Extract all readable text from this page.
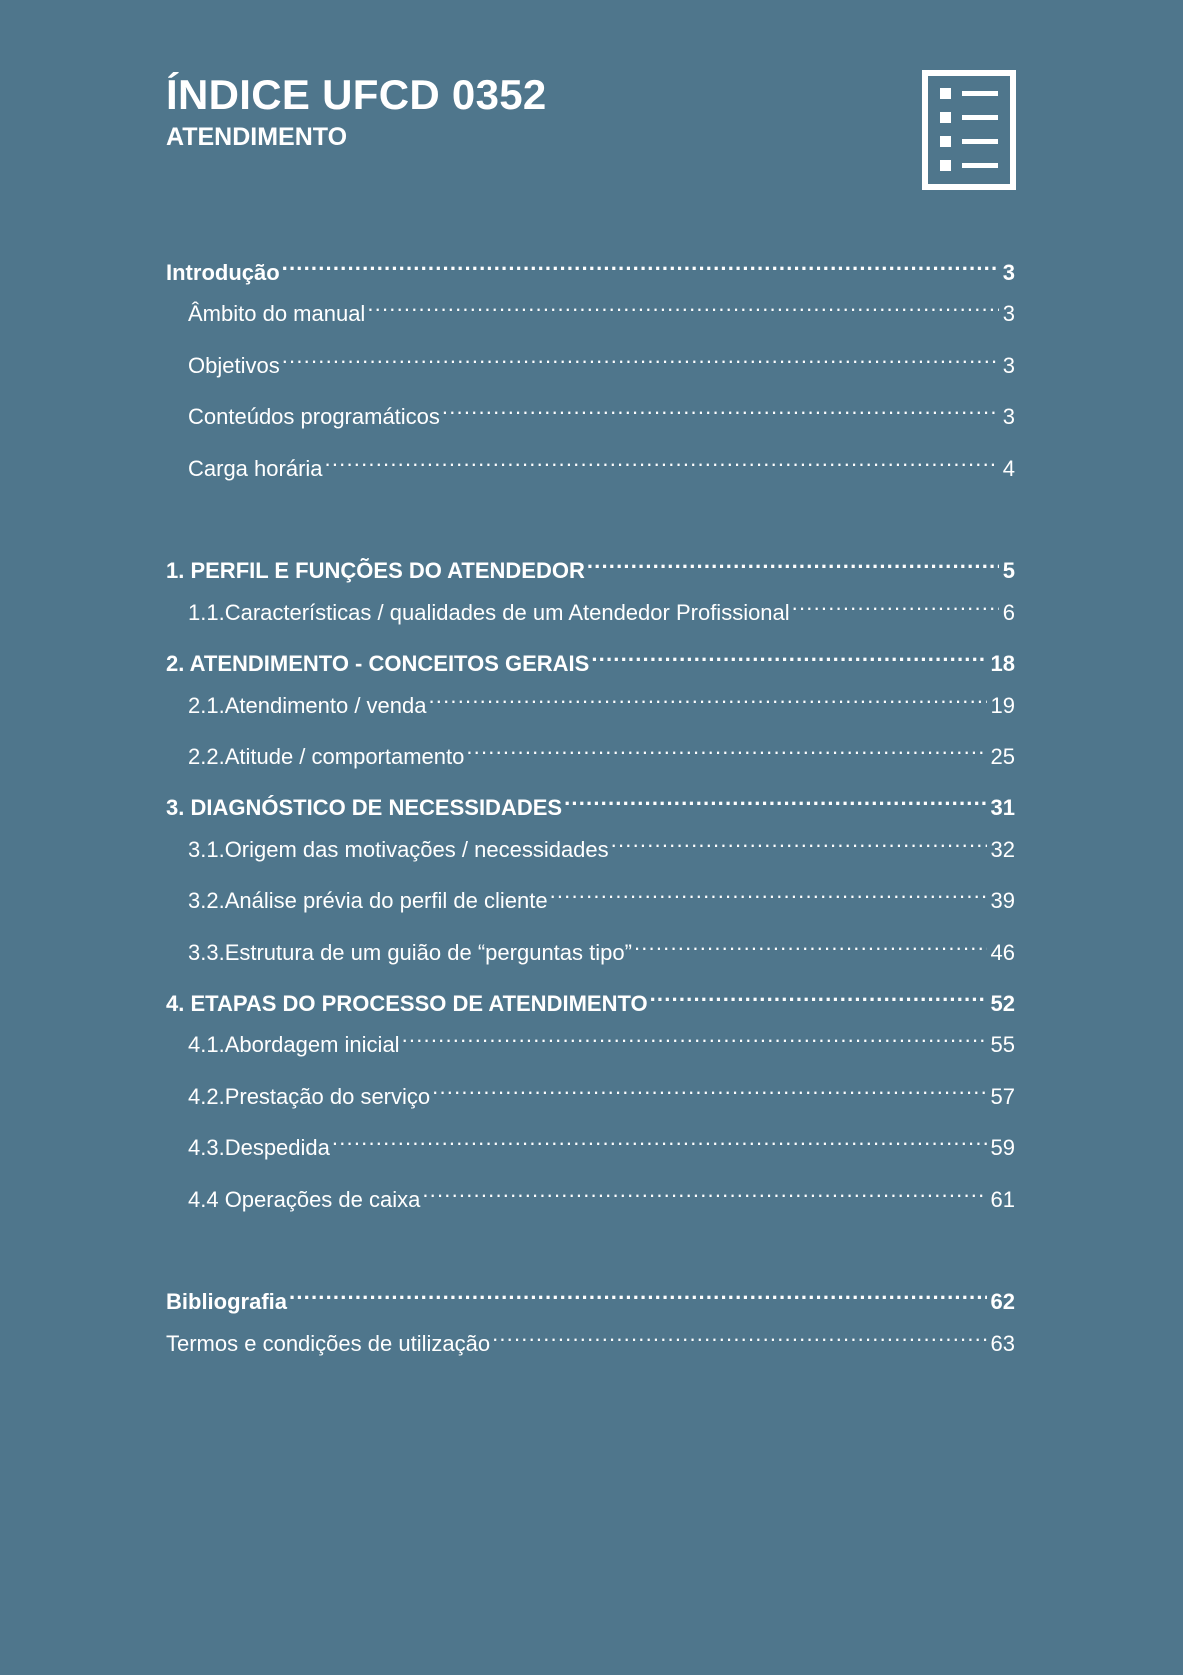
ÍNDICE UFCD 0352
ATENDIMENTO
Introdução .....	3
Âmbito do manual .....	3
Objetivos .....	3
Conteúdos programáticos .....	3
Carga horária .....	4
1. PERFIL E FUNÇÕES DO ATENDEDOR .....	5
1.1.Características / qualidades de um Atendedor Profissional .....	6
2. ATENDIMENTO - CONCEITOS GERAIS .....	18
2.1.Atendimento / venda .....	19
2.2.Atitude / comportamento .....	25
3. DIAGNÓSTICO DE NECESSIDADES .....	31
3.1.Origem das motivações / necessidades .....	32
3.2.Análise prévia do perfil de cliente .....	39
3.3.Estrutura de um guião de “perguntas tipo” .....	46
4. ETAPAS DO PROCESSO DE ATENDIMENTO .....	52
4.1.Abordagem inicial .....	55
4.2.Prestação do serviço .....	57
4.3.Despedida .....	59
4.4 Operações de caixa .....	61
Bibliografia .....	62
Termos e condições de utilização .....	63
